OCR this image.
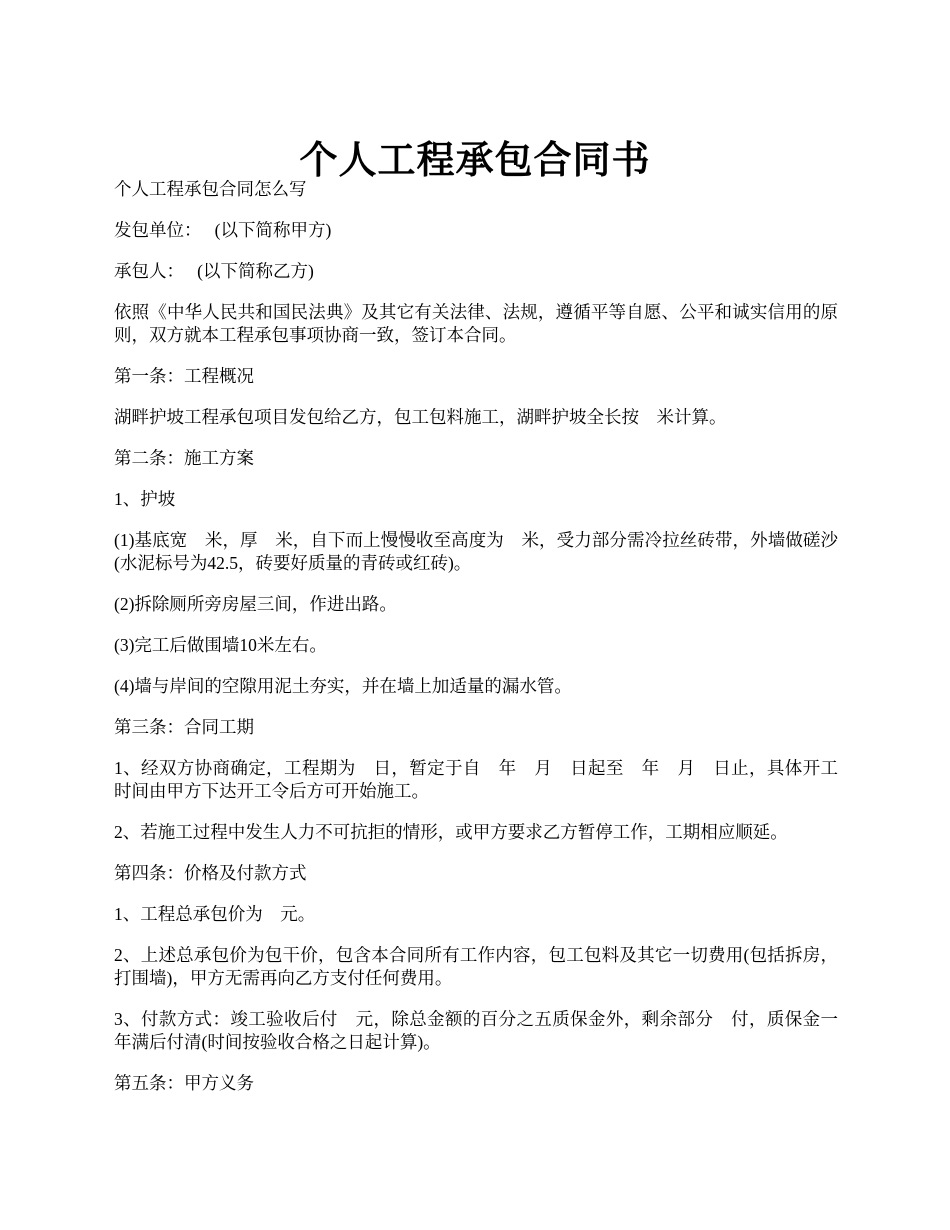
个人工程承包合同书

个人工程承包合同怎么写

发包单位：　 (以下简称甲方)

承包人：　 (以下简称乙方)

依照《中华人民共和国民法典》及其它有关法律、法规，遵循平等自愿、公平和诚实信用的原则，双方就本工程承包事项协商一致，签订本合同。

第一条：工程概况

湖畔护坡工程承包项目发包给乙方，包工包料施工，湖畔护坡全长按　米计算。

第二条：施工方案

1、护坡

(1)基底宽　米，厚　米，自下而上慢慢收至高度为　米，受力部分需冷拉丝砖带，外墙做磋沙(水泥标号为42.5，砖要好质量的青砖或红砖)。

(2)拆除厕所旁房屋三间，作进出路。

(3)完工后做围墙10米左右。

(4)墙与岸间的空隙用泥土夯实，并在墙上加适量的漏水管。

第三条：合同工期

1、经双方协商确定，工程期为　日，暂定于自　年　月　日起至　年　月　日止，具体开工时间由甲方下达开工令后方可开始施工。

2、若施工过程中发生人力不可抗拒的情形，或甲方要求乙方暂停工作，工期相应顺延。

第四条：价格及付款方式

1、工程总承包价为　元。

2、上述总承包价为包干价，包含本合同所有工作内容，包工包料及其它一切费用(包括拆房，打围墙)，甲方无需再向乙方支付任何费用。

3、付款方式：竣工验收后付　元，除总金额的百分之五质保金外，剩余部分　付，质保金一年满后付清(时间按验收合格之日起计算)。

第五条：甲方义务
